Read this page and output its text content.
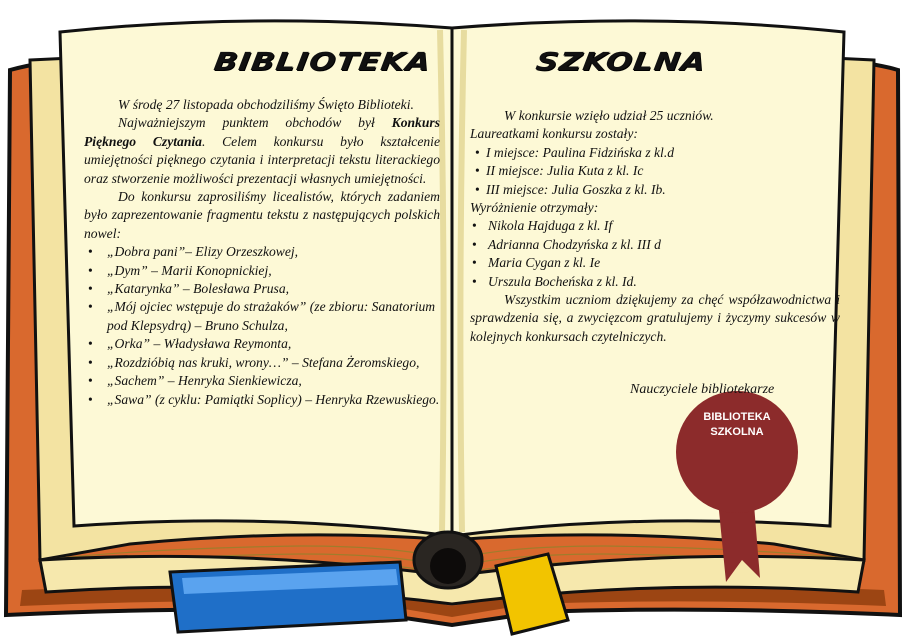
BIBLIOTEKA	SZKOLNA

W środę 27 listopada obchodziliśmy Święto Biblioteki.

Najważniejszym punktem obchodów był Konkurs Pięknego Czytania. Celem konkursu było kształcenie umiejętności pięknego czytania i interpretacji tekstu literackiego oraz stworzenie możliwości prezentacji własnych umiejętności.

Do konkursu zaprosiliśmy licealistów, których zadaniem było zaprezentowanie fragmentu tekstu z następujących polskich nowel:

• „Dobra pani”– Elizy Orzeszkowej,
• „Dym” – Marii Konopnickiej,
• „Katarynka” – Bolesława Prusa,
• „Mój ojciec wstępuje do strażaków” (ze zbioru: Sanatorium pod Klepsydrą) – Bruno Schulza,
• „Orka” – Władysława Reymonta,
• „Rozdzióbią nas kruki, wrony…” – Stefana Żeromskiego,
• „Sachem” – Henryka Sienkiewicza,
• „Sawa” (z cyklu: Pamiątki Soplicy) – Henryka Rzewuskiego.

W konkursie wzięło udział 25 uczniów.

Laureatkami konkursu zostały:

• I miejsce: Paulina Fidzińska z kl.d
• II miejsce: Julia Kuta z kl. Ic
• III miejsce: Julia Goszka z kl. Ib.

Wyróżnienie otrzymały:

• Nikola Hajduga z kl. If
• Adrianna Chodzyńska z kl. III d
• Maria Cygan z kl. Ie
• Urszula Bocheńska z kl. Id.

Wszystkim uczniom dziękujemy za chęć współzawodnictwa i sprawdzenia się, a zwycięzcom gratulujemy i życzymy sukcesów w kolejnych konkursach czytelniczych.

Nauczyciele bibliotekarze
BIBLIOTEKA
SZKOLNA
